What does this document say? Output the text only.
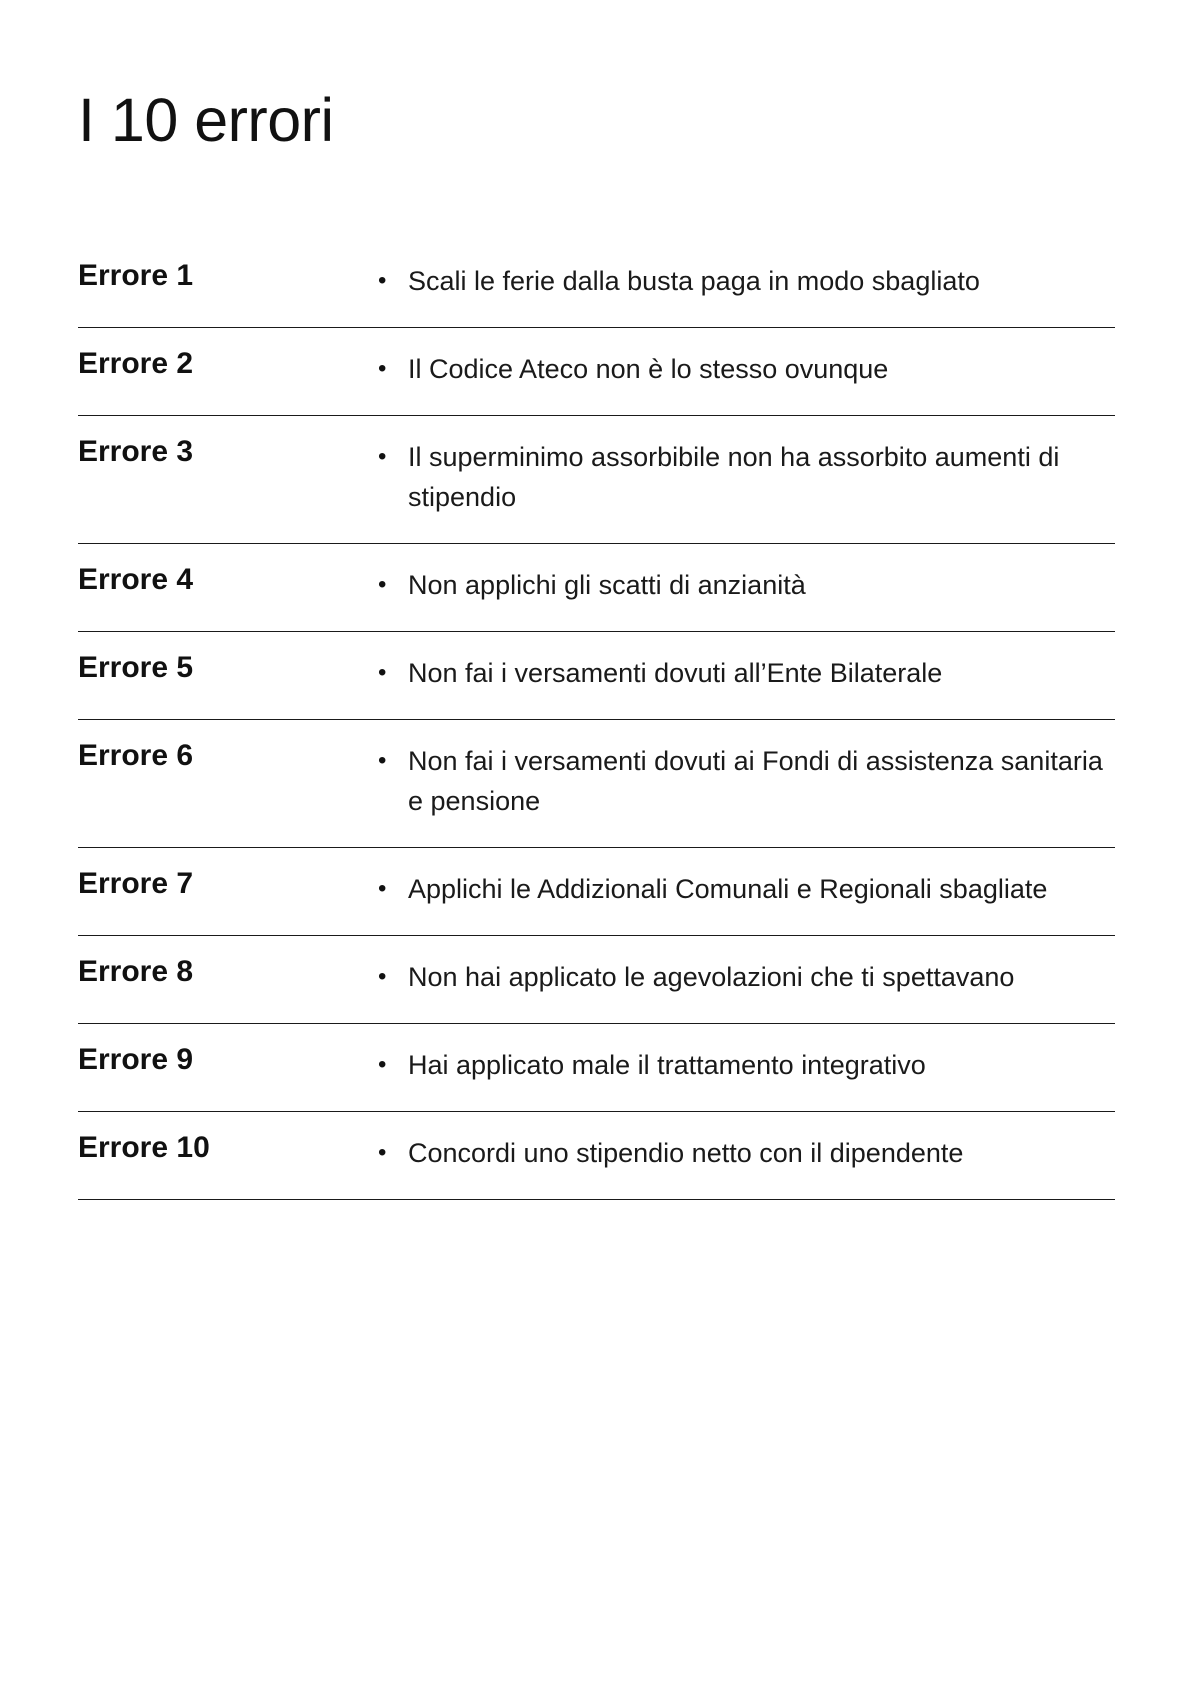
I 10 errori
Errore 1	• Scali le ferie dalla busta paga in modo sbagliato
Errore 2	• Il Codice Ateco non è lo stesso ovunque
Errore 3	• Il superminimo assorbibile non ha assorbito aumenti di stipendio
Errore 4	• Non applichi gli scatti di anzianità
Errore 5	• Non fai i versamenti dovuti all’Ente Bilaterale
Errore 6	• Non fai i versamenti dovuti ai Fondi di assistenza sanitaria e pensione
Errore 7	• Applichi le Addizionali Comunali e Regionali sbagliate
Errore 8	• Non hai applicato le agevolazioni che ti spettavano
Errore 9	• Hai applicato male il trattamento integrativo
Errore 10	• Concordi uno stipendio netto con il dipendente
